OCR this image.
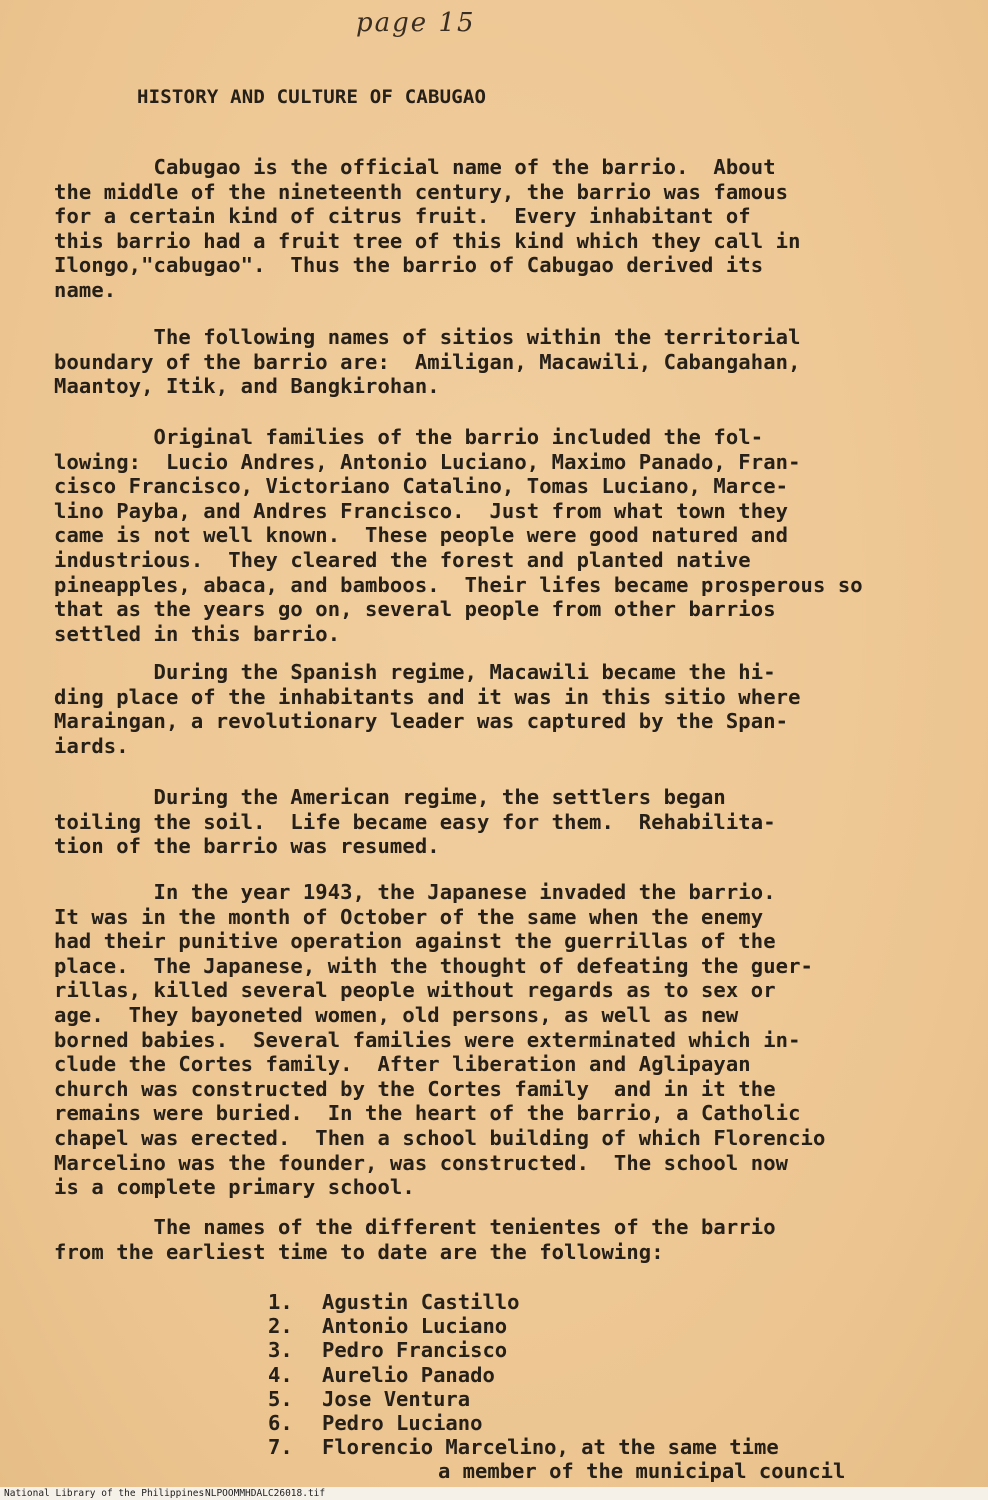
page 15
HISTORY AND CULTURE OF CABUGAO
Cabugao is the official name of the barrio.  About
the middle of the nineteenth century, the barrio was famous
for a certain kind of citrus fruit.  Every inhabitant of
this barrio had a fruit tree of this kind which they call in
Ilongo,"cabugao".  Thus the barrio of Cabugao derived its
name.
The following names of sitios within the territorial
boundary of the barrio are:  Amiligan, Macawili, Cabangahan,
Maantoy, Itik, and Bangkirohan.
Original families of the barrio included the fol-
lowing:  Lucio Andres, Antonio Luciano, Maximo Panado, Fran-
cisco Francisco, Victoriano Catalino, Tomas Luciano, Marce-
lino Payba, and Andres Francisco.  Just from what town they
came is not well known.  These people were good natured and
industrious.  They cleared the forest and planted native
pineapples, abaca, and bamboos.  Their lifes became prosperous so
that as the years go on, several people from other barrios
settled in this barrio.
During the Spanish regime, Macawili became the hi-
ding place of the inhabitants and it was in this sitio where
Maraingan, a revolutionary leader was captured by the Span-
iards.
During the American regime, the settlers began
toiling the soil.  Life became easy for them.  Rehabilita-
tion of the barrio was resumed.
In the year 1943, the Japanese invaded the barrio.
It was in the month of October of the same when the enemy
had their punitive operation against the guerrillas of the
place.  The Japanese, with the thought of defeating the guer-
rillas, killed several people without regards as to sex or
age.  They bayoneted women, old persons, as well as new
borned babies.  Several families were exterminated which in-
clude the Cortes family.  After liberation and Aglipayan
church was constructed by the Cortes family  and in it the
remains were buried.  In the heart of the barrio, a Catholic
chapel was erected.  Then a school building of which Florencio
Marcelino was the founder, was constructed.  The school now
is a complete primary school.
The names of the different tenientes of the barrio
from the earliest time to date are the following:
1. Agustin Castillo
2. Antonio Luciano
3. Pedro Francisco
4. Aurelio Panado
5. Jose Ventura
6. Pedro Luciano
7. Florencio Marcelino, at the same time
a member of the municipal council
National Library of the Philippines NLPOOMMHDALC26018.tif
